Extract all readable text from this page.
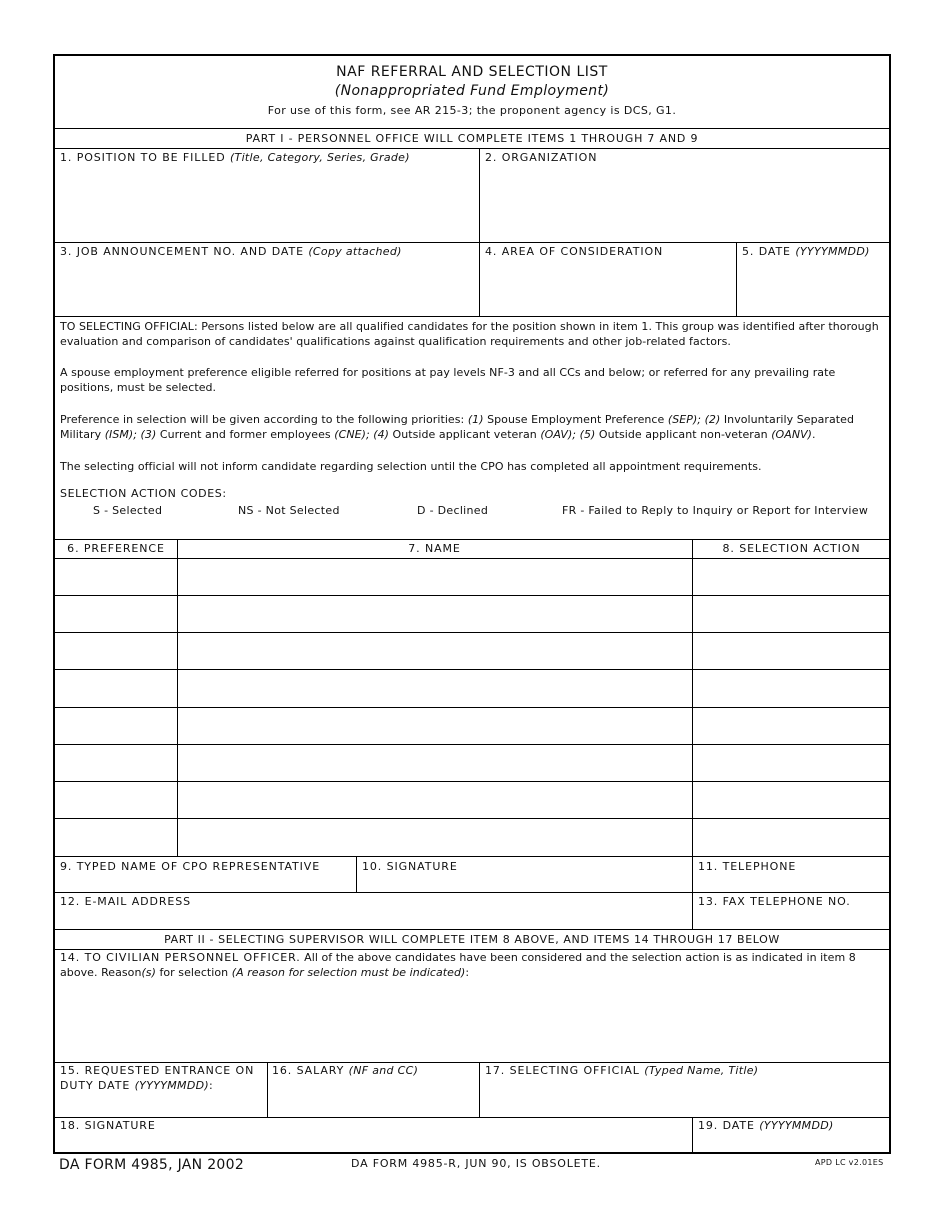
NAF REFERRAL AND SELECTION LIST
(Nonappropriated Fund Employment)
For use of this form, see AR 215-3; the proponent agency is DCS, G1.
PART I - PERSONNEL OFFICE WILL COMPLETE ITEMS 1 THROUGH 7 AND 9
1. POSITION TO BE FILLED (Title, Category, Series, Grade)	2. ORGANIZATION
3. JOB ANNOUNCEMENT NO. AND DATE (Copy attached)	4. AREA OF CONSIDERATION	5. DATE (YYYYMMDD)
TO SELECTING OFFICIAL: Persons listed below are all qualified candidates for the position shown in item 1. This group was identified after thorough evaluation and comparison of candidates' qualifications against qualification requirements and other job-related factors.
A spouse employment preference eligible referred for positions at pay levels NF-3 and all CCs and below; or referred for any prevailing rate positions, must be selected.
Preference in selection will be given according to the following priorities: (1) Spouse Employment Preference (SEP); (2) Involuntarily Separated Military (ISM); (3) Current and former employees (CNE); (4) Outside applicant veteran (OAV); (5) Outside applicant non-veteran (OANV).
The selecting official will not inform candidate regarding selection until the CPO has completed all appointment requirements.
SELECTION ACTION CODES:
S - Selected	NS - Not Selected	D - Declined	FR - Failed to Reply to Inquiry or Report for Interview
6. PREFERENCE	7. NAME	8. SELECTION ACTION
9. TYPED NAME OF CPO REPRESENTATIVE	10. SIGNATURE	11. TELEPHONE
12. E-MAIL ADDRESS	13. FAX TELEPHONE NO.
PART II - SELECTING SUPERVISOR WILL COMPLETE ITEM 8 ABOVE, AND ITEMS 14 THROUGH 17 BELOW
14. TO CIVILIAN PERSONNEL OFFICER. All of the above candidates have been considered and the selection action is as indicated in item 8 above. Reason(s) for selection (A reason for selection must be indicated):
15. REQUESTED ENTRANCE ON
DUTY DATE (YYYYMMDD):
16. SALARY (NF and CC)	17. SELECTING OFFICIAL (Typed Name, Title)
18. SIGNATURE	19. DATE (YYYYMMDD)
DA FORM 4985, JAN 2002	DA FORM 4985-R, JUN 90, IS OBSOLETE.	APD LC v2.01ES
